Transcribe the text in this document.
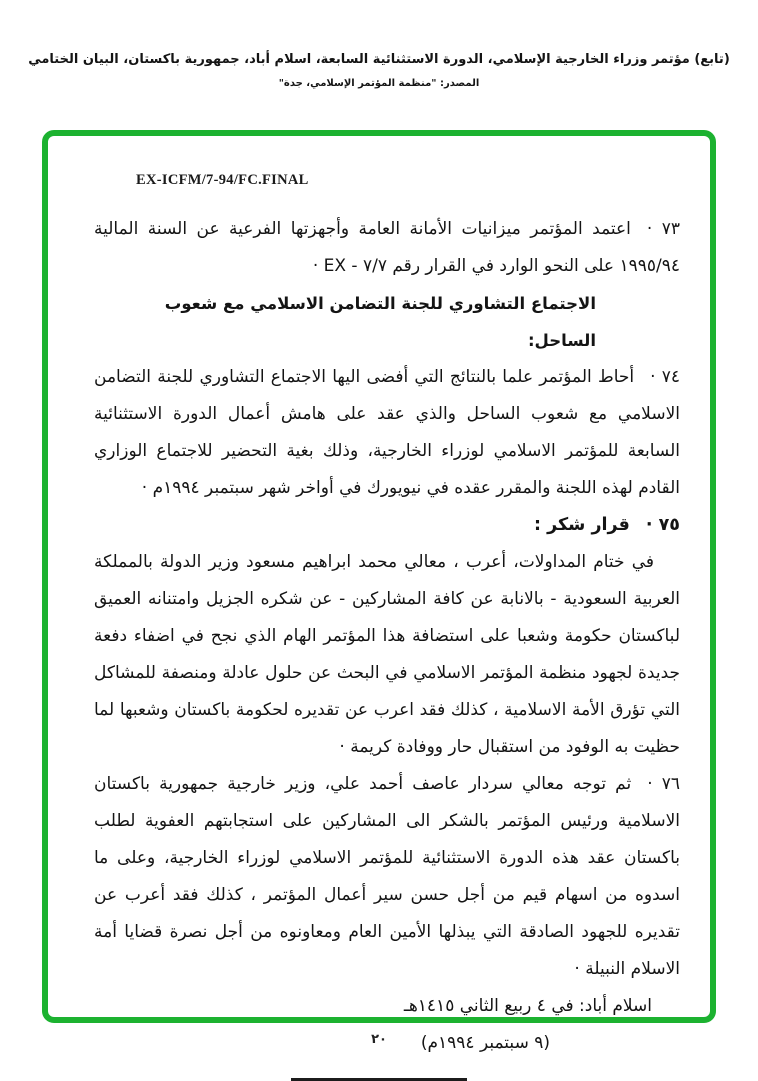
(تابع) مؤتمر وزراء الخارجية الإسلامي، الدورة الاستثنائية السابعة، اسلام أباد، جمهورية باكستان، البيان الختامي
المصدر: "منظمة المؤتمر الإسلامي، جدة"
EX-ICFM/7-94/FC.FINAL
٧٣ ·اعتمد المؤتمر ميزانيات الأمانة العامة وأجهزتها الفرعية عن السنة المالية ١٩٩٥/٩٤ على النحو الوارد في القرار رقم ٧/٧ - EX ·
الاجتماع التشاوري للجنة التضامن الاسلامي مع شعوب الساحل:
٧٤ ·أحاط المؤتمر علما بالنتائج التي أفضى اليها الاجتماع التشاوري للجنة التضامن الاسلامي مع شعوب الساحل والذي عقد على هامش أعمال الدورة الاستثنائية السابعة للمؤتمر الاسلامي لوزراء الخارجية، وذلك بغية التحضير للاجتماع الوزاري القادم لهذه اللجنة والمقرر عقده في نيويورك في أواخر شهر سبتمبر ١٩٩٤م ·
٧٥ ·قرار شكر :
في ختام المداولات، أعرب ، معالي محمد ابراهيم مسعود وزير الدولة بالمملكة العربية السعودية - بالانابة عن كافة المشاركين - عن شكره الجزيل وامتنانه العميق لباكستان حكومة وشعبا على استضافة هذا المؤتمر الهام الذي نجح في اضفاء دفعة جديدة لجهود منظمة المؤتمر الاسلامي في البحث عن حلول عادلة ومنصفة للمشاكل التي تؤرق الأمة الاسلامية ، كذلك فقد اعرب عن تقديره لحكومة باكستان وشعبها لما حظيت به الوفود من استقبال حار ووفادة كريمة ·
٧٦ ·ثم توجه معالي سردار عاصف أحمد علي، وزير خارجية جمهورية باكستان الاسلامية ورئيس المؤتمر بالشكر الى المشاركين على استجابتهم العفوية لطلب باكستان عقد هذه الدورة الاستثنائية للمؤتمر الاسلامي لوزراء الخارجية، وعلى ما اسدوه من اسهام قيم من أجل حسن سير أعمال المؤتمر ، كذلك فقد أعرب عن تقديره للجهود الصادقة التي يبذلها الأمين العام ومعاونوه من أجل نصرة قضايا أمة الاسلام النبيلة ·
اسلام أباد: في ٤ ربيع الثاني ١٤١٥هـ
(٩ سبتمبر ١٩٩٤م)
٢٠
